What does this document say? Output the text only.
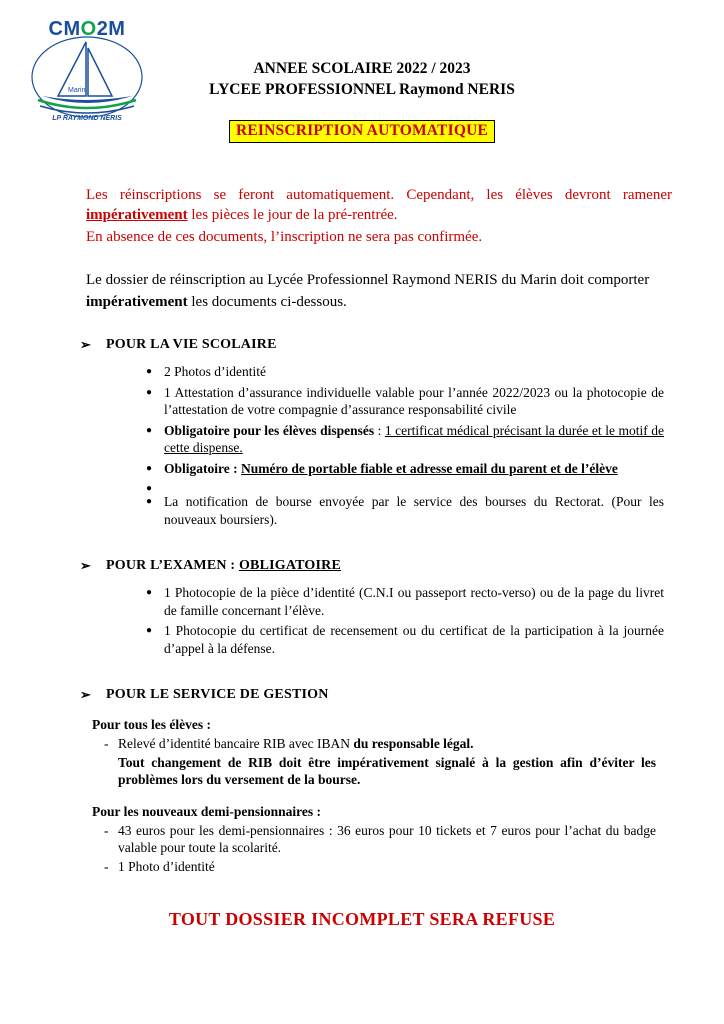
CMO2M
Marin
LP RAYMOND NERIS
ANNEE SCOLAIRE 2022 / 2023
LYCEE PROFESSIONNEL Raymond NERIS
REINSCRIPTION AUTOMATIQUE
Les réinscriptions se feront automatiquement. Cependant, les élèves devront ramener impérativement les pièces le jour de la pré-rentrée.
En absence de ces documents, l’inscription ne sera pas confirmée.
Le dossier de réinscription au Lycée Professionnel Raymond NERIS du Marin doit comporter impérativement les documents ci-dessous.
➢ POUR LA VIE SCOLAIRE
● 2 Photos d’identité
● 1 Attestation d’assurance individuelle valable pour l’année 2022/2023 ou la photocopie de l’attestation de votre compagnie d’assurance responsabilité civile
● Obligatoire pour les élèves dispensés : 1 certificat médical précisant la durée et le motif de cette dispense.
● Obligatoire : Numéro de portable fiable et adresse email du parent et de l’élève
●
● La notification de bourse envoyée par le service des bourses du Rectorat. (Pour les nouveaux boursiers).
➢ POUR L’EXAMEN : OBLIGATOIRE
● 1 Photocopie de la pièce d’identité (C.N.I ou passeport recto-verso) ou de la page du livret de famille concernant l’élève.
● 1 Photocopie du certificat de recensement ou du certificat de la participation à la journée d’appel à la défense.
➢ POUR LE SERVICE DE GESTION
Pour tous les élèves :
- Relevé d’identité bancaire RIB avec IBAN du responsable légal.
Tout changement de RIB doit être impérativement signalé à la gestion afin d’éviter les problèmes lors du versement de la bourse.
Pour les nouveaux demi-pensionnaires :
- 43 euros pour les demi-pensionnaires : 36 euros pour 10 tickets et 7 euros pour l’achat du badge valable pour toute la scolarité.
- 1 Photo d’identité
TOUT DOSSIER INCOMPLET SERA REFUSE
